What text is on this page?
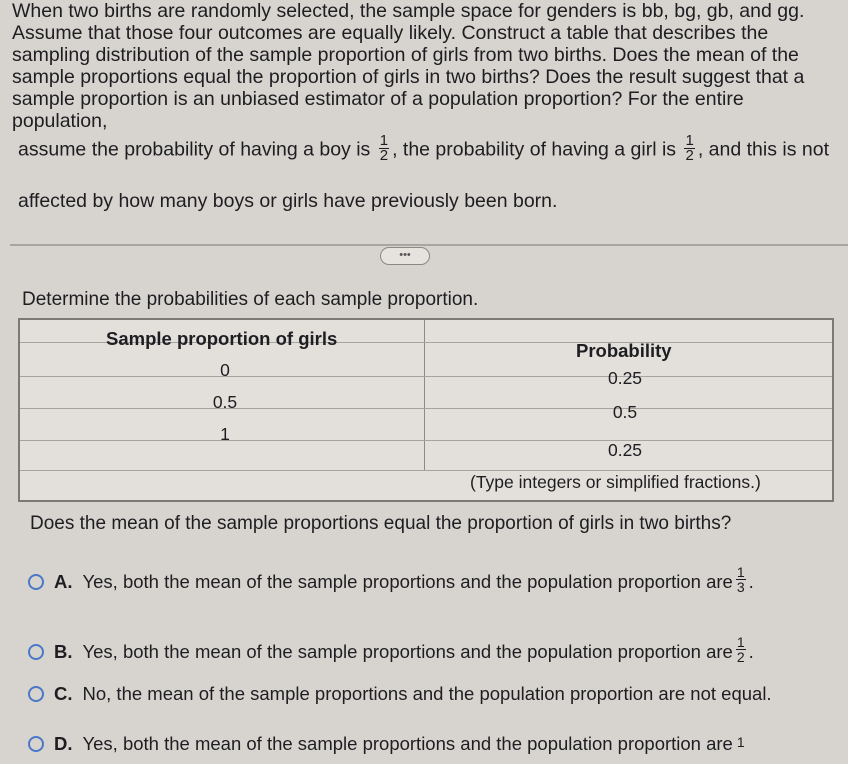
When two births are randomly selected, the sample space for genders is bb, bg, gb, and gg. Assume that those four outcomes are equally likely. Construct a table that describes the sampling distribution of the sample proportion of girls from two births. Does the mean of the sample proportions equal the proportion of girls in two births? Does the result suggest that a sample proportion is an unbiased estimator of a population proportion? For the entire population,
assume the probability of having a boy is $\frac{1}{2}$ , the probability of having a girl is $\frac{1}{2}$ , and this is not
affected by how many boys or girls have previously been born.
•••
Determine the probabilities of each sample proportion.
Sample proportion of girls
Probability
0
0.5
1
0.25
0.5
0.25
(Type integers or simplified fractions.)
Does the mean of the sample proportions equal the proportion of girls in two births?
A. Yes, both the mean of the sample proportions and the population proportion are $\frac{1}{3}$ .
B. Yes, both the mean of the sample proportions and the population proportion are $\frac{1}{2}$ .
C. No, the mean of the sample proportions and the population proportion are not equal.
D. Yes, both the mean of the sample proportions and the population proportion are 1
